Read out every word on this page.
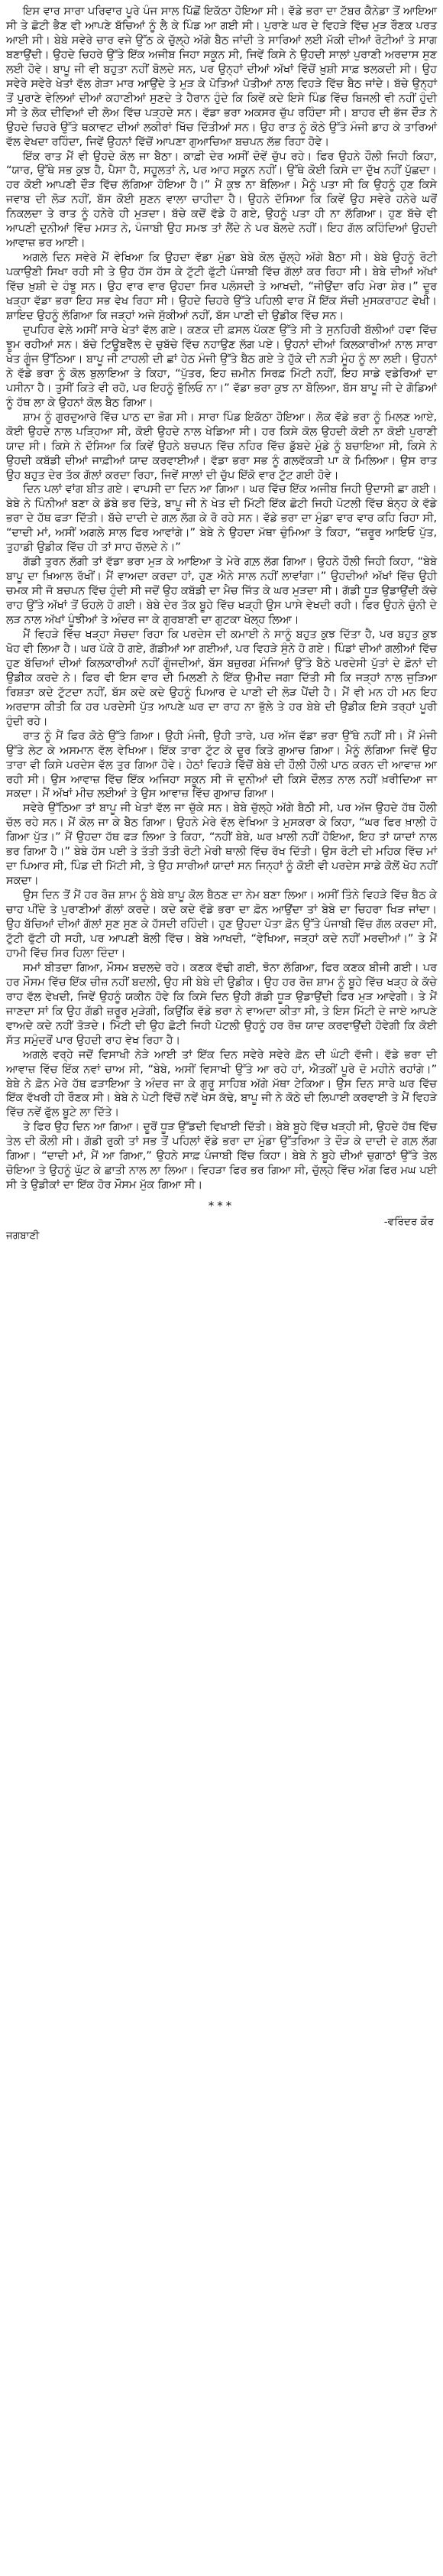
ਇਸ ਵਾਰ ਸਾਰਾ ਪਰਿਵਾਰ ਪੂਰੇ ਪੰਜ ਸਾਲ ਪਿੱਛੋਂ ਇਕੱਠਾ ਹੋਇਆ ਸੀ। ਵੱਡੇ ਭਰਾ ਦਾ ਟੱਬਰ ਕੈਨੇਡਾ ਤੋਂ ਆਇਆ ਸੀ ਤੇ ਛੋਟੀ ਭੈਣ ਵੀ ਆਪਣੇ ਬੱਚਿਆਂ ਨੂੰ ਲੈ ਕੇ ਪਿੰਡ ਆ ਗਈ ਸੀ। ਪੁਰਾਣੇ ਘਰ ਦੇ ਵਿਹੜੇ ਵਿੱਚ ਮੁੜ ਰੌਣਕ ਪਰਤ ਆਈ ਸੀ। ਬੇਬੇ ਸਵੇਰੇ ਚਾਰ ਵਜੇ ਉੱਠ ਕੇ ਚੁੱਲ੍ਹੇ ਅੱਗੇ ਬੈਠ ਜਾਂਦੀ ਤੇ ਸਾਰਿਆਂ ਲਈ ਮੱਕੀ ਦੀਆਂ ਰੋਟੀਆਂ ਤੇ ਸਾਗ ਬਣਾਉਂਦੀ। ਉਹਦੇ ਚਿਹਰੇ ਉੱਤੇ ਇੱਕ ਅਜੀਬ ਜਿਹਾ ਸਕੂਨ ਸੀ, ਜਿਵੇਂ ਕਿਸੇ ਨੇ ਉਹਦੀ ਸਾਲਾਂ ਪੁਰਾਣੀ ਅਰਦਾਸ ਸੁਣ ਲਈ ਹੋਵੇ। ਬਾਪੂ ਜੀ ਵੀ ਬਹੁਤਾ ਨਹੀਂ ਬੋਲਦੇ ਸਨ, ਪਰ ਉਨ੍ਹਾਂ ਦੀਆਂ ਅੱਖਾਂ ਵਿੱਚੋਂ ਖ਼ੁਸ਼ੀ ਸਾਫ਼ ਝਲਕਦੀ ਸੀ। ਉਹ ਸਵੇਰੇ ਸਵੇਰੇ ਖੇਤਾਂ ਵੱਲ ਗੇੜਾ ਮਾਰ ਆਉਂਦੇ ਤੇ ਮੁੜ ਕੇ ਪੋਤਿਆਂ ਪੋਤੀਆਂ ਨਾਲ ਵਿਹੜੇ ਵਿੱਚ ਬੈਠ ਜਾਂਦੇ। ਬੱਚੇ ਉਨ੍ਹਾਂ ਤੋਂ ਪੁਰਾਣੇ ਵੇਲਿਆਂ ਦੀਆਂ ਕਹਾਣੀਆਂ ਸੁਣਦੇ ਤੇ ਹੈਰਾਨ ਹੁੰਦੇ ਕਿ ਕਿਵੇਂ ਕਦੇ ਇਸੇ ਪਿੰਡ ਵਿੱਚ ਬਿਜਲੀ ਵੀ ਨਹੀਂ ਹੁੰਦੀ ਸੀ ਤੇ ਲੋਕ ਦੀਵਿਆਂ ਦੀ ਲੋਅ ਵਿੱਚ ਪੜ੍ਹਦੇ ਸਨ। ਵੱਡਾ ਭਰਾ ਅਕਸਰ ਚੁੱਪ ਰਹਿੰਦਾ ਸੀ। ਬਾਹਰ ਦੀ ਭੱਜ ਦੌੜ ਨੇ ਉਹਦੇ ਚਿਹਰੇ ਉੱਤੇ ਥਕਾਵਟ ਦੀਆਂ ਲਕੀਰਾਂ ਖਿੱਚ ਦਿੱਤੀਆਂ ਸਨ। ਉਹ ਰਾਤ ਨੂੰ ਕੋਠੇ ਉੱਤੇ ਮੰਜੀ ਡਾਹ ਕੇ ਤਾਰਿਆਂ ਵੱਲ ਵੇਖਦਾ ਰਹਿੰਦਾ, ਜਿਵੇਂ ਉਹਨਾਂ ਵਿੱਚੋਂ ਆਪਣਾ ਗੁਆਚਿਆ ਬਚਪਨ ਲੱਭ ਰਿਹਾ ਹੋਵੇ।

ਇੱਕ ਰਾਤ ਮੈਂ ਵੀ ਉਹਦੇ ਕੋਲ ਜਾ ਬੈਠਾ। ਕਾਫ਼ੀ ਦੇਰ ਅਸੀਂ ਦੋਵੇਂ ਚੁੱਪ ਰਹੇ। ਫਿਰ ਉਹਨੇ ਹੌਲੀ ਜਿਹੀ ਕਿਹਾ, “ਯਾਰ, ਉੱਥੇ ਸਭ ਕੁਝ ਹੈ, ਪੈਸਾ ਹੈ, ਸਹੂਲਤਾਂ ਨੇ, ਪਰ ਆਹ ਸਕੂਨ ਨਹੀਂ। ਉੱਥੇ ਕੋਈ ਕਿਸੇ ਦਾ ਦੁੱਖ ਨਹੀਂ ਪੁੱਛਦਾ। ਹਰ ਕੋਈ ਆਪਣੀ ਦੌੜ ਵਿੱਚ ਲੱਗਿਆ ਹੋਇਆ ਹੈ।” ਮੈਂ ਕੁਝ ਨਾ ਬੋਲਿਆ। ਮੈਨੂੰ ਪਤਾ ਸੀ ਕਿ ਉਹਨੂੰ ਹੁਣ ਕਿਸੇ ਜਵਾਬ ਦੀ ਲੋੜ ਨਹੀਂ, ਬੱਸ ਕੋਈ ਸੁਣਨ ਵਾਲਾ ਚਾਹੀਦਾ ਹੈ। ਉਹਨੇ ਦੱਸਿਆ ਕਿ ਕਿਵੇਂ ਉਹ ਸਵੇਰੇ ਹਨੇਰੇ ਘਰੋਂ ਨਿਕਲਦਾ ਤੇ ਰਾਤ ਨੂੰ ਹਨੇਰੇ ਹੀ ਮੁੜਦਾ। ਬੱਚੇ ਕਦੋਂ ਵੱਡੇ ਹੋ ਗਏ, ਉਹਨੂੰ ਪਤਾ ਹੀ ਨਾ ਲੱਗਿਆ। ਹੁਣ ਬੱਚੇ ਵੀ ਆਪਣੀ ਦੁਨੀਆਂ ਵਿੱਚ ਮਸਤ ਨੇ, ਪੰਜਾਬੀ ਉਹ ਸਮਝ ਤਾਂ ਲੈਂਦੇ ਨੇ ਪਰ ਬੋਲਦੇ ਨਹੀਂ। ਇਹ ਗੱਲ ਕਹਿੰਦਿਆਂ ਉਹਦੀ ਆਵਾਜ਼ ਭਰ ਆਈ।

ਅਗਲੇ ਦਿਨ ਸਵੇਰੇ ਮੈਂ ਵੇਖਿਆ ਕਿ ਉਹਦਾ ਵੱਡਾ ਮੁੰਡਾ ਬੇਬੇ ਕੋਲ ਚੁੱਲ੍ਹੇ ਅੱਗੇ ਬੈਠਾ ਸੀ। ਬੇਬੇ ਉਹਨੂੰ ਰੋਟੀ ਪਕਾਉਣੀ ਸਿਖਾ ਰਹੀ ਸੀ ਤੇ ਉਹ ਹੱਸ ਹੱਸ ਕੇ ਟੁੱਟੀ ਫੁੱਟੀ ਪੰਜਾਬੀ ਵਿੱਚ ਗੱਲਾਂ ਕਰ ਰਿਹਾ ਸੀ। ਬੇਬੇ ਦੀਆਂ ਅੱਖਾਂ ਵਿੱਚ ਖ਼ੁਸ਼ੀ ਦੇ ਹੰਝੂ ਸਨ। ਉਹ ਵਾਰ ਵਾਰ ਉਹਦਾ ਸਿਰ ਪਲੋਸਦੀ ਤੇ ਆਖਦੀ, “ਜੀਉਂਦਾ ਰਹਿ ਮੇਰਾ ਸ਼ੇਰ।” ਦੂਰ ਖੜ੍ਹਾ ਵੱਡਾ ਭਰਾ ਇਹ ਸਭ ਵੇਖ ਰਿਹਾ ਸੀ। ਉਹਦੇ ਚਿਹਰੇ ਉੱਤੇ ਪਹਿਲੀ ਵਾਰ ਮੈਂ ਇੱਕ ਸੱਚੀ ਮੁਸਕਰਾਹਟ ਵੇਖੀ। ਸ਼ਾਇਦ ਉਹਨੂੰ ਲੱਗਿਆ ਕਿ ਜੜ੍ਹਾਂ ਅਜੇ ਸੁੱਕੀਆਂ ਨਹੀਂ, ਬੱਸ ਪਾਣੀ ਦੀ ਉਡੀਕ ਵਿੱਚ ਸਨ।

ਦੁਪਹਿਰ ਵੇਲੇ ਅਸੀਂ ਸਾਰੇ ਖੇਤਾਂ ਵੱਲ ਗਏ। ਕਣਕ ਦੀ ਫ਼ਸਲ ਪੱਕਣ ਉੱਤੇ ਸੀ ਤੇ ਸੁਨਹਿਰੀ ਬੱਲੀਆਂ ਹਵਾ ਵਿੱਚ ਝੂਮ ਰਹੀਆਂ ਸਨ। ਬੱਚੇ ਟਿਊਬਵੈੱਲ ਦੇ ਚੁਬੱਚੇ ਵਿੱਚ ਨਹਾਉਣ ਲੱਗ ਪਏ। ਉਹਨਾਂ ਦੀਆਂ ਕਿਲਕਾਰੀਆਂ ਨਾਲ ਸਾਰਾ ਖੇਤ ਗੂੰਜ ਉੱਠਿਆ। ਬਾਪੂ ਜੀ ਟਾਹਲੀ ਦੀ ਛਾਂ ਹੇਠ ਮੰਜੀ ਉੱਤੇ ਬੈਠ ਗਏ ਤੇ ਹੁੱਕੇ ਦੀ ਨੜੀ ਮੂੰਹ ਨੂੰ ਲਾ ਲਈ। ਉਹਨਾਂ ਨੇ ਵੱਡੇ ਭਰਾ ਨੂੰ ਕੋਲ ਬੁਲਾਇਆ ਤੇ ਕਿਹਾ, “ਪੁੱਤਰ, ਇਹ ਜ਼ਮੀਨ ਸਿਰਫ਼ ਮਿੱਟੀ ਨਹੀਂ, ਇਹ ਸਾਡੇ ਵਡੇਰਿਆਂ ਦਾ ਪਸੀਨਾ ਹੈ। ਤੁਸੀਂ ਕਿਤੇ ਵੀ ਰਹੋ, ਪਰ ਇਹਨੂੰ ਭੁੱਲਿਓ ਨਾ।” ਵੱਡਾ ਭਰਾ ਕੁਝ ਨਾ ਬੋਲਿਆ, ਬੱਸ ਬਾਪੂ ਜੀ ਦੇ ਗੋਡਿਆਂ ਨੂੰ ਹੱਥ ਲਾ ਕੇ ਉਹਨਾਂ ਕੋਲ ਬੈਠ ਗਿਆ।

ਸ਼ਾਮ ਨੂੰ ਗੁਰਦੁਆਰੇ ਵਿੱਚ ਪਾਠ ਦਾ ਭੋਗ ਸੀ। ਸਾਰਾ ਪਿੰਡ ਇਕੱਠਾ ਹੋਇਆ। ਲੋਕ ਵੱਡੇ ਭਰਾ ਨੂੰ ਮਿਲਣ ਆਏ, ਕੋਈ ਉਹਦੇ ਨਾਲ ਪੜ੍ਹਿਆ ਸੀ, ਕੋਈ ਉਹਦੇ ਨਾਲ ਖੇਡਿਆ ਸੀ। ਹਰ ਕਿਸੇ ਕੋਲ ਉਹਦੀ ਕੋਈ ਨਾ ਕੋਈ ਪੁਰਾਣੀ ਯਾਦ ਸੀ। ਕਿਸੇ ਨੇ ਦੱਸਿਆ ਕਿ ਕਿਵੇਂ ਉਹਨੇ ਬਚਪਨ ਵਿੱਚ ਨਹਿਰ ਵਿੱਚ ਡੁੱਬਦੇ ਮੁੰਡੇ ਨੂੰ ਬਚਾਇਆ ਸੀ, ਕਿਸੇ ਨੇ ਉਹਦੀ ਕਬੱਡੀ ਦੀਆਂ ਜਾਫ਼ੀਆਂ ਯਾਦ ਕਰਵਾਈਆਂ। ਵੱਡਾ ਭਰਾ ਸਭ ਨੂੰ ਗਲਵੱਕੜੀ ਪਾ ਕੇ ਮਿਲਿਆ। ਉਸ ਰਾਤ ਉਹ ਬਹੁਤ ਦੇਰ ਤੱਕ ਗੱਲਾਂ ਕਰਦਾ ਰਿਹਾ, ਜਿਵੇਂ ਸਾਲਾਂ ਦੀ ਚੁੱਪ ਇੱਕੋ ਵਾਰ ਟੁੱਟ ਗਈ ਹੋਵੇ।

ਦਿਨ ਪਲਾਂ ਵਾਂਗ ਬੀਤ ਗਏ। ਵਾਪਸੀ ਦਾ ਦਿਨ ਆ ਗਿਆ। ਘਰ ਵਿੱਚ ਇੱਕ ਅਜੀਬ ਜਿਹੀ ਉਦਾਸੀ ਛਾ ਗਈ। ਬੇਬੇ ਨੇ ਪਿੰਨੀਆਂ ਬਣਾ ਕੇ ਡੱਬੇ ਭਰ ਦਿੱਤੇ, ਬਾਪੂ ਜੀ ਨੇ ਖੇਤ ਦੀ ਮਿੱਟੀ ਇੱਕ ਛੋਟੀ ਜਿਹੀ ਪੋਟਲੀ ਵਿੱਚ ਬੰਨ੍ਹ ਕੇ ਵੱਡੇ ਭਰਾ ਦੇ ਹੱਥ ਫੜਾ ਦਿੱਤੀ। ਬੱਚੇ ਦਾਦੀ ਦੇ ਗਲ਼ ਲੱਗ ਕੇ ਰੋ ਰਹੇ ਸਨ। ਵੱਡੇ ਭਰਾ ਦਾ ਮੁੰਡਾ ਵਾਰ ਵਾਰ ਕਹਿ ਰਿਹਾ ਸੀ, “ਦਾਦੀ ਮਾਂ, ਅਸੀਂ ਅਗਲੇ ਸਾਲ ਫਿਰ ਆਵਾਂਗੇ।” ਬੇਬੇ ਨੇ ਉਹਦਾ ਮੱਥਾ ਚੁੰਮਿਆ ਤੇ ਕਿਹਾ, “ਜ਼ਰੂਰ ਆਇਓ ਪੁੱਤ, ਤੁਹਾਡੀ ਉਡੀਕ ਵਿੱਚ ਹੀ ਤਾਂ ਸਾਹ ਚੱਲਦੇ ਨੇ।”

ਗੱਡੀ ਤੁਰਨ ਲੱਗੀ ਤਾਂ ਵੱਡਾ ਭਰਾ ਮੁੜ ਕੇ ਆਇਆ ਤੇ ਮੇਰੇ ਗਲ਼ ਲੱਗ ਗਿਆ। ਉਹਨੇ ਹੌਲੀ ਜਿਹੀ ਕਿਹਾ, “ਬੇਬੇ ਬਾਪੂ ਦਾ ਖ਼ਿਆਲ ਰੱਖੀਂ। ਮੈਂ ਵਾਅਦਾ ਕਰਦਾ ਹਾਂ, ਹੁਣ ਐਨੇ ਸਾਲ ਨਹੀਂ ਲਾਵਾਂਗਾ।” ਉਹਦੀਆਂ ਅੱਖਾਂ ਵਿੱਚ ਉਹੀ ਚਮਕ ਸੀ ਜੋ ਬਚਪਨ ਵਿੱਚ ਹੁੰਦੀ ਸੀ ਜਦੋਂ ਉਹ ਕਬੱਡੀ ਦਾ ਮੈਚ ਜਿੱਤ ਕੇ ਘਰ ਮੁੜਦਾ ਸੀ। ਗੱਡੀ ਧੂੜ ਉਡਾਉਂਦੀ ਕੱਚੇ ਰਾਹ ਉੱਤੇ ਅੱਖਾਂ ਤੋਂ ਓਹਲੇ ਹੋ ਗਈ। ਬੇਬੇ ਦੇਰ ਤੱਕ ਬੂਹੇ ਵਿੱਚ ਖੜ੍ਹੀ ਉਸ ਪਾਸੇ ਵੇਖਦੀ ਰਹੀ। ਫਿਰ ਉਹਨੇ ਚੁੰਨੀ ਦੇ ਲੜ ਨਾਲ ਅੱਖਾਂ ਪੂੰਝੀਆਂ ਤੇ ਅੰਦਰ ਜਾ ਕੇ ਗੁਰਬਾਣੀ ਦਾ ਗੁਟਕਾ ਖੋਲ੍ਹ ਲਿਆ।

ਮੈਂ ਵਿਹੜੇ ਵਿੱਚ ਖੜ੍ਹਾ ਸੋਚਦਾ ਰਿਹਾ ਕਿ ਪਰਦੇਸ ਦੀ ਕਮਾਈ ਨੇ ਸਾਨੂੰ ਬਹੁਤ ਕੁਝ ਦਿੱਤਾ ਹੈ, ਪਰ ਬਹੁਤ ਕੁਝ ਖੋਹ ਵੀ ਲਿਆ ਹੈ। ਘਰ ਪੱਕੇ ਹੋ ਗਏ, ਗੱਡੀਆਂ ਆ ਗਈਆਂ, ਪਰ ਵਿਹੜੇ ਸੁੰਨੇ ਹੋ ਗਏ। ਪਿੰਡਾਂ ਦੀਆਂ ਗਲੀਆਂ ਵਿੱਚ ਹੁਣ ਬੱਚਿਆਂ ਦੀਆਂ ਕਿਲਕਾਰੀਆਂ ਨਹੀਂ ਗੂੰਜਦੀਆਂ, ਬੱਸ ਬਜ਼ੁਰਗ ਮੰਜਿਆਂ ਉੱਤੇ ਬੈਠੇ ਪਰਦੇਸੀ ਪੁੱਤਾਂ ਦੇ ਫ਼ੋਨਾਂ ਦੀ ਉਡੀਕ ਕਰਦੇ ਨੇ। ਫਿਰ ਵੀ ਇਸ ਵਾਰ ਦੀ ਮਿਲਣੀ ਨੇ ਇੱਕ ਉਮੀਦ ਜਗਾ ਦਿੱਤੀ ਸੀ ਕਿ ਜੜ੍ਹਾਂ ਨਾਲ ਜੁੜਿਆ ਰਿਸ਼ਤਾ ਕਦੇ ਟੁੱਟਦਾ ਨਹੀਂ, ਬੱਸ ਕਦੇ ਕਦੇ ਉਹਨੂੰ ਪਿਆਰ ਦੇ ਪਾਣੀ ਦੀ ਲੋੜ ਪੈਂਦੀ ਹੈ। ਮੈਂ ਵੀ ਮਨ ਹੀ ਮਨ ਇਹ ਅਰਦਾਸ ਕੀਤੀ ਕਿ ਹਰ ਪਰਦੇਸੀ ਪੁੱਤ ਆਪਣੇ ਘਰ ਦਾ ਰਾਹ ਨਾ ਭੁੱਲੇ ਤੇ ਹਰ ਬੇਬੇ ਦੀ ਉਡੀਕ ਇਸੇ ਤਰ੍ਹਾਂ ਪੂਰੀ ਹੁੰਦੀ ਰਹੇ।

ਰਾਤ ਨੂੰ ਮੈਂ ਫਿਰ ਕੋਠੇ ਉੱਤੇ ਗਿਆ। ਉਹੀ ਮੰਜੀ, ਉਹੀ ਤਾਰੇ, ਪਰ ਅੱਜ ਵੱਡਾ ਭਰਾ ਉੱਥੇ ਨਹੀਂ ਸੀ। ਮੈਂ ਮੰਜੀ ਉੱਤੇ ਲੇਟ ਕੇ ਅਸਮਾਨ ਵੱਲ ਵੇਖਿਆ। ਇੱਕ ਤਾਰਾ ਟੁੱਟ ਕੇ ਦੂਰ ਕਿਤੇ ਗੁਆਚ ਗਿਆ। ਮੈਨੂੰ ਲੱਗਿਆ ਜਿਵੇਂ ਉਹ ਤਾਰਾ ਵੀ ਕਿਸੇ ਪਰਦੇਸ ਵੱਲ ਤੁਰ ਗਿਆ ਹੋਵੇ। ਹੇਠਾਂ ਵਿਹੜੇ ਵਿੱਚੋਂ ਬੇਬੇ ਦੀ ਹੌਲੀ ਹੌਲੀ ਪਾਠ ਕਰਨ ਦੀ ਆਵਾਜ਼ ਆ ਰਹੀ ਸੀ। ਉਸ ਆਵਾਜ਼ ਵਿੱਚ ਇੱਕ ਅਜਿਹਾ ਸਕੂਨ ਸੀ ਜੋ ਦੁਨੀਆਂ ਦੀ ਕਿਸੇ ਦੌਲਤ ਨਾਲ ਨਹੀਂ ਖ਼ਰੀਦਿਆ ਜਾ ਸਕਦਾ। ਮੈਂ ਅੱਖਾਂ ਮੀਚ ਲਈਆਂ ਤੇ ਉਸ ਆਵਾਜ਼ ਵਿੱਚ ਗੁਆਚ ਗਿਆ।

ਸਵੇਰੇ ਉੱਠਿਆ ਤਾਂ ਬਾਪੂ ਜੀ ਖੇਤਾਂ ਵੱਲ ਜਾ ਚੁੱਕੇ ਸਨ। ਬੇਬੇ ਚੁੱਲ੍ਹੇ ਅੱਗੇ ਬੈਠੀ ਸੀ, ਪਰ ਅੱਜ ਉਹਦੇ ਹੱਥ ਹੌਲੀ ਚੱਲ ਰਹੇ ਸਨ। ਮੈਂ ਕੋਲ ਜਾ ਕੇ ਬੈਠ ਗਿਆ। ਉਹਨੇ ਮੇਰੇ ਵੱਲ ਵੇਖਿਆ ਤੇ ਮੁਸਕਰਾ ਕੇ ਕਿਹਾ, “ਘਰ ਫਿਰ ਖ਼ਾਲੀ ਹੋ ਗਿਆ ਪੁੱਤ।” ਮੈਂ ਉਹਦਾ ਹੱਥ ਫੜ ਲਿਆ ਤੇ ਕਿਹਾ, “ਨਹੀਂ ਬੇਬੇ, ਘਰ ਖ਼ਾਲੀ ਨਹੀਂ ਹੋਇਆ, ਇਹ ਤਾਂ ਯਾਦਾਂ ਨਾਲ ਭਰ ਗਿਆ ਹੈ।” ਬੇਬੇ ਹੱਸ ਪਈ ਤੇ ਤੱਤੀ ਤੱਤੀ ਰੋਟੀ ਮੇਰੀ ਥਾਲੀ ਵਿੱਚ ਰੱਖ ਦਿੱਤੀ। ਉਸ ਰੋਟੀ ਦੀ ਮਹਿਕ ਵਿੱਚ ਮਾਂ ਦਾ ਪਿਆਰ ਸੀ, ਪਿੰਡ ਦੀ ਮਿੱਟੀ ਸੀ, ਤੇ ਉਹ ਸਾਰੀਆਂ ਯਾਦਾਂ ਸਨ ਜਿਨ੍ਹਾਂ ਨੂੰ ਕੋਈ ਵੀ ਪਰਦੇਸ ਸਾਡੇ ਕੋਲੋਂ ਖੋਹ ਨਹੀਂ ਸਕਦਾ।

ਉਸ ਦਿਨ ਤੋਂ ਮੈਂ ਹਰ ਰੋਜ਼ ਸ਼ਾਮ ਨੂੰ ਬੇਬੇ ਬਾਪੂ ਕੋਲ ਬੈਠਣ ਦਾ ਨੇਮ ਬਣਾ ਲਿਆ। ਅਸੀਂ ਤਿੰਨੇ ਵਿਹੜੇ ਵਿੱਚ ਬੈਠ ਕੇ ਚਾਹ ਪੀਂਦੇ ਤੇ ਪੁਰਾਣੀਆਂ ਗੱਲਾਂ ਕਰਦੇ। ਕਦੇ ਕਦੇ ਵੱਡੇ ਭਰਾ ਦਾ ਫ਼ੋਨ ਆਉਂਦਾ ਤਾਂ ਬੇਬੇ ਦਾ ਚਿਹਰਾ ਖਿੜ ਜਾਂਦਾ। ਉਹ ਬੱਚਿਆਂ ਦੀਆਂ ਗੱਲਾਂ ਸੁਣ ਸੁਣ ਕੇ ਹੱਸਦੀ ਰਹਿੰਦੀ। ਹੁਣ ਉਹਦਾ ਪੋਤਾ ਫ਼ੋਨ ਉੱਤੇ ਪੰਜਾਬੀ ਵਿੱਚ ਗੱਲ ਕਰਦਾ ਸੀ, ਟੁੱਟੀ ਫੁੱਟੀ ਹੀ ਸਹੀ, ਪਰ ਆਪਣੀ ਬੋਲੀ ਵਿੱਚ। ਬੇਬੇ ਆਖਦੀ, “ਵੇਖਿਆ, ਜੜ੍ਹਾਂ ਕਦੇ ਨਹੀਂ ਮਰਦੀਆਂ।” ਤੇ ਮੈਂ ਹਾਮੀ ਵਿੱਚ ਸਿਰ ਹਿਲਾ ਦਿੰਦਾ।

ਸਮਾਂ ਬੀਤਦਾ ਗਿਆ, ਮੌਸਮ ਬਦਲਦੇ ਰਹੇ। ਕਣਕ ਵੱਢੀ ਗਈ, ਝੋਨਾ ਲੱਗਿਆ, ਫਿਰ ਕਣਕ ਬੀਜੀ ਗਈ। ਪਰ ਹਰ ਮੌਸਮ ਵਿੱਚ ਇੱਕ ਚੀਜ਼ ਨਹੀਂ ਬਦਲੀ, ਉਹ ਸੀ ਬੇਬੇ ਦੀ ਉਡੀਕ। ਉਹ ਹਰ ਰੋਜ਼ ਸ਼ਾਮ ਨੂੰ ਬੂਹੇ ਵਿੱਚ ਖੜ੍ਹ ਕੇ ਕੱਚੇ ਰਾਹ ਵੱਲ ਵੇਖਦੀ, ਜਿਵੇਂ ਉਹਨੂੰ ਯਕੀਨ ਹੋਵੇ ਕਿ ਕਿਸੇ ਦਿਨ ਉਹੀ ਗੱਡੀ ਧੂੜ ਉਡਾਉਂਦੀ ਫਿਰ ਮੁੜ ਆਵੇਗੀ। ਤੇ ਮੈਂ ਜਾਣਦਾ ਸਾਂ ਕਿ ਉਹ ਗੱਡੀ ਜ਼ਰੂਰ ਮੁੜੇਗੀ, ਕਿਉਂਕਿ ਵੱਡੇ ਭਰਾ ਨੇ ਵਾਅਦਾ ਕੀਤਾ ਸੀ, ਤੇ ਇਸ ਮਿੱਟੀ ਦੇ ਜਾਏ ਆਪਣੇ ਵਾਅਦੇ ਕਦੇ ਨਹੀਂ ਤੋੜਦੇ। ਮਿੱਟੀ ਦੀ ਉਹ ਛੋਟੀ ਜਿਹੀ ਪੋਟਲੀ ਉਹਨੂੰ ਹਰ ਰੋਜ਼ ਯਾਦ ਕਰਵਾਉਂਦੀ ਹੋਵੇਗੀ ਕਿ ਕੋਈ ਸੱਤ ਸਮੁੰਦਰੋਂ ਪਾਰ ਉਹਦੀ ਰਾਹ ਵੇਖ ਰਿਹਾ ਹੈ।

ਅਗਲੇ ਵਰ੍ਹੇ ਜਦੋਂ ਵਿਸਾਖੀ ਨੇੜੇ ਆਈ ਤਾਂ ਇੱਕ ਦਿਨ ਸਵੇਰੇ ਸਵੇਰੇ ਫ਼ੋਨ ਦੀ ਘੰਟੀ ਵੱਜੀ। ਵੱਡੇ ਭਰਾ ਦੀ ਆਵਾਜ਼ ਵਿੱਚ ਇੱਕ ਨਵਾਂ ਚਾਅ ਸੀ, “ਬੇਬੇ, ਅਸੀਂ ਵਿਸਾਖੀ ਉੱਤੇ ਆ ਰਹੇ ਹਾਂ, ਐਤਕੀਂ ਪੂਰੇ ਦੋ ਮਹੀਨੇ ਰਹਾਂਗੇ।” ਬੇਬੇ ਨੇ ਫ਼ੋਨ ਮੇਰੇ ਹੱਥ ਫੜਾਇਆ ਤੇ ਅੰਦਰ ਜਾ ਕੇ ਗੁਰੂ ਸਾਹਿਬ ਅੱਗੇ ਮੱਥਾ ਟੇਕਿਆ। ਉਸ ਦਿਨ ਸਾਰੇ ਘਰ ਵਿੱਚ ਇੱਕ ਵੱਖਰੀ ਹੀ ਰੌਣਕ ਸੀ। ਬੇਬੇ ਨੇ ਪੇਟੀ ਵਿੱਚੋਂ ਨਵੇਂ ਖੇਸ ਕੱਢੇ, ਬਾਪੂ ਜੀ ਨੇ ਕੋਠੇ ਦੀ ਲਿਪਾਈ ਕਰਵਾਈ ਤੇ ਮੈਂ ਵਿਹੜੇ ਵਿੱਚ ਨਵੇਂ ਫੁੱਲ ਬੂਟੇ ਲਾ ਦਿੱਤੇ।

ਤੇ ਫਿਰ ਉਹ ਦਿਨ ਆ ਗਿਆ। ਦੂਰੋਂ ਧੂੜ ਉੱਡਦੀ ਵਿਖਾਈ ਦਿੱਤੀ। ਬੇਬੇ ਬੂਹੇ ਵਿੱਚ ਖੜ੍ਹੀ ਸੀ, ਉਹਦੇ ਹੱਥ ਵਿੱਚ ਤੇਲ ਦੀ ਕੌਲੀ ਸੀ। ਗੱਡੀ ਰੁਕੀ ਤਾਂ ਸਭ ਤੋਂ ਪਹਿਲਾਂ ਵੱਡੇ ਭਰਾ ਦਾ ਮੁੰਡਾ ਉੱਤਰਿਆ ਤੇ ਦੌੜ ਕੇ ਦਾਦੀ ਦੇ ਗਲ਼ ਲੱਗ ਗਿਆ। “ਦਾਦੀ ਮਾਂ, ਮੈਂ ਆ ਗਿਆ,” ਉਹਨੇ ਸਾਫ਼ ਪੰਜਾਬੀ ਵਿੱਚ ਕਿਹਾ। ਬੇਬੇ ਨੇ ਬੂਹੇ ਦੀਆਂ ਚੁਗਾਠਾਂ ਉੱਤੇ ਤੇਲ ਚੋਇਆ ਤੇ ਉਹਨੂੰ ਘੁੱਟ ਕੇ ਛਾਤੀ ਨਾਲ ਲਾ ਲਿਆ। ਵਿਹੜਾ ਫਿਰ ਭਰ ਗਿਆ ਸੀ, ਚੁੱਲ੍ਹੇ ਵਿੱਚ ਅੱਗ ਫਿਰ ਮਘ ਪਈ ਸੀ ਤੇ ਉਡੀਕਾਂ ਦਾ ਇੱਕ ਹੋਰ ਮੌਸਮ ਮੁੱਕ ਗਿਆ ਸੀ।

***
-ਵਰਿੰਦਰ ਕੌਰ
ਜਗਬਾਣੀ
